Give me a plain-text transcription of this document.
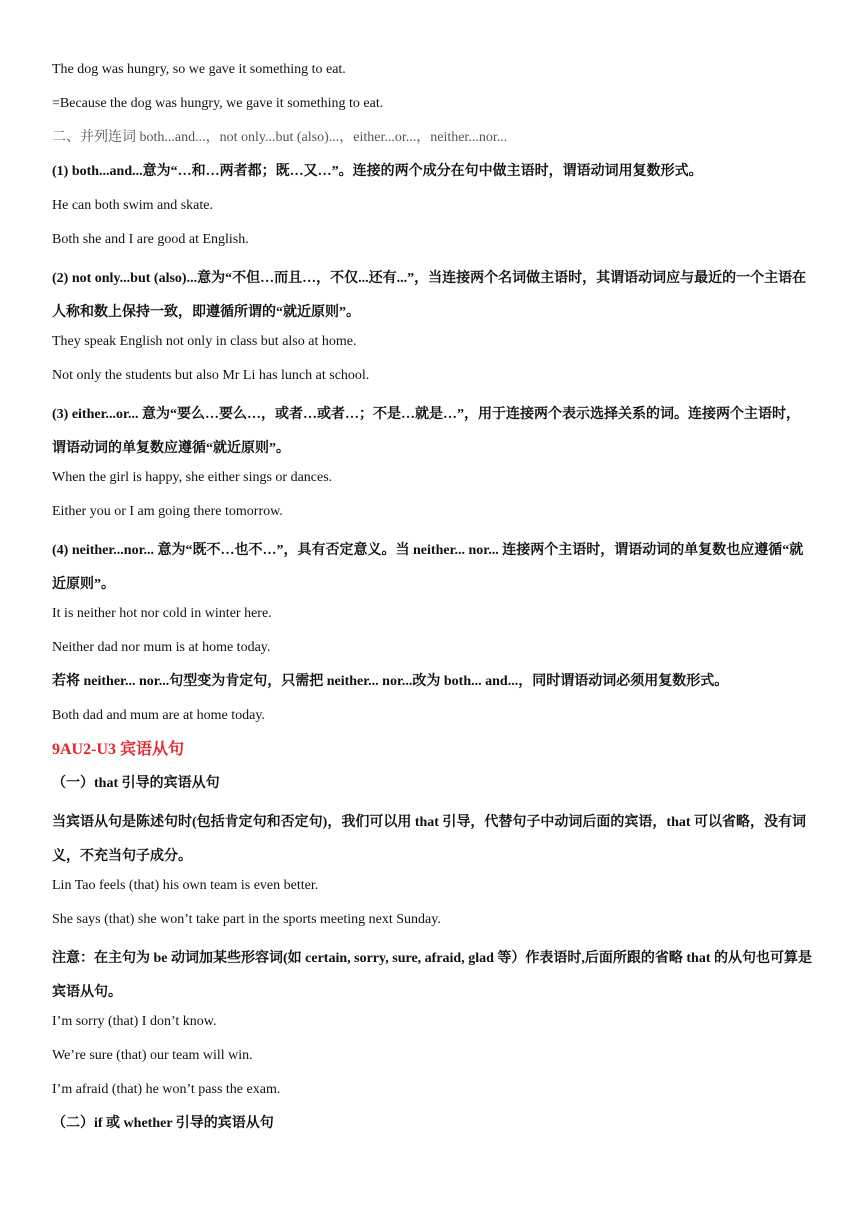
The dog was hungry, so we gave it something to eat.

=Because the dog was hungry, we gave it something to eat.

二、并列连词 both...and...，not only...but (also)...，either...or...，neither...nor...

(1) both...and...意为“…和…两者都；既…又…”。连接的两个成分在句中做主语时，谓语动词用复数形式。

He can both swim and skate.

Both she and I are good at English.

(2) not only...but (also)...意为“不但…而且…，不仅...还有...”，当连接两个名词做主语时，其谓语动词应与最近的一个主语在人称和数上保持一致，即遵循所谓的“就近原则”。

They speak English not only in class but also at home.

Not only the students but also Mr Li has lunch at school.

(3) either...or... 意为“要么…要么…，或者…或者…；不是…就是…”，用于连接两个表示选择关系的词。连接两个主语时，谓语动词的单复数应遵循“就近原则”。

When the girl is happy, she either sings or dances.

Either you or I am going there tomorrow.

(4) neither...nor... 意为“既不…也不…”，具有否定意义。当 neither... nor... 连接两个主语时，谓语动词的单复数也应遵循“就近原则”。

It is neither hot nor cold in winter here.

Neither dad nor mum is at home today.

若将 neither... nor...句型变为肯定句，只需把 neither... nor...改为 both... and...，同时谓语动词必须用复数形式。

Both dad and mum are at home today.

9AU2-U3 宾语从句

（一）that 引导的宾语从句

当宾语从句是陈述句时(包括肯定句和否定句)，我们可以用 that 引导，代替句子中动词后面的宾语，that 可以省略，没有词义，不充当句子成分。

Lin Tao feels (that) his own team is even better.

She says (that) she won’t take part in the sports meeting next Sunday.

注意：在主句为 be 动词加某些形容词(如 certain, sorry, sure, afraid, glad 等）作表语时,后面所跟的省略 that 的从句也可算是宾语从句。

I’m sorry (that) I don’t know.

We’re sure (that) our team will win.

I’m afraid (that) he won’t pass the exam.

（二）if 或 whether 引导的宾语从句
